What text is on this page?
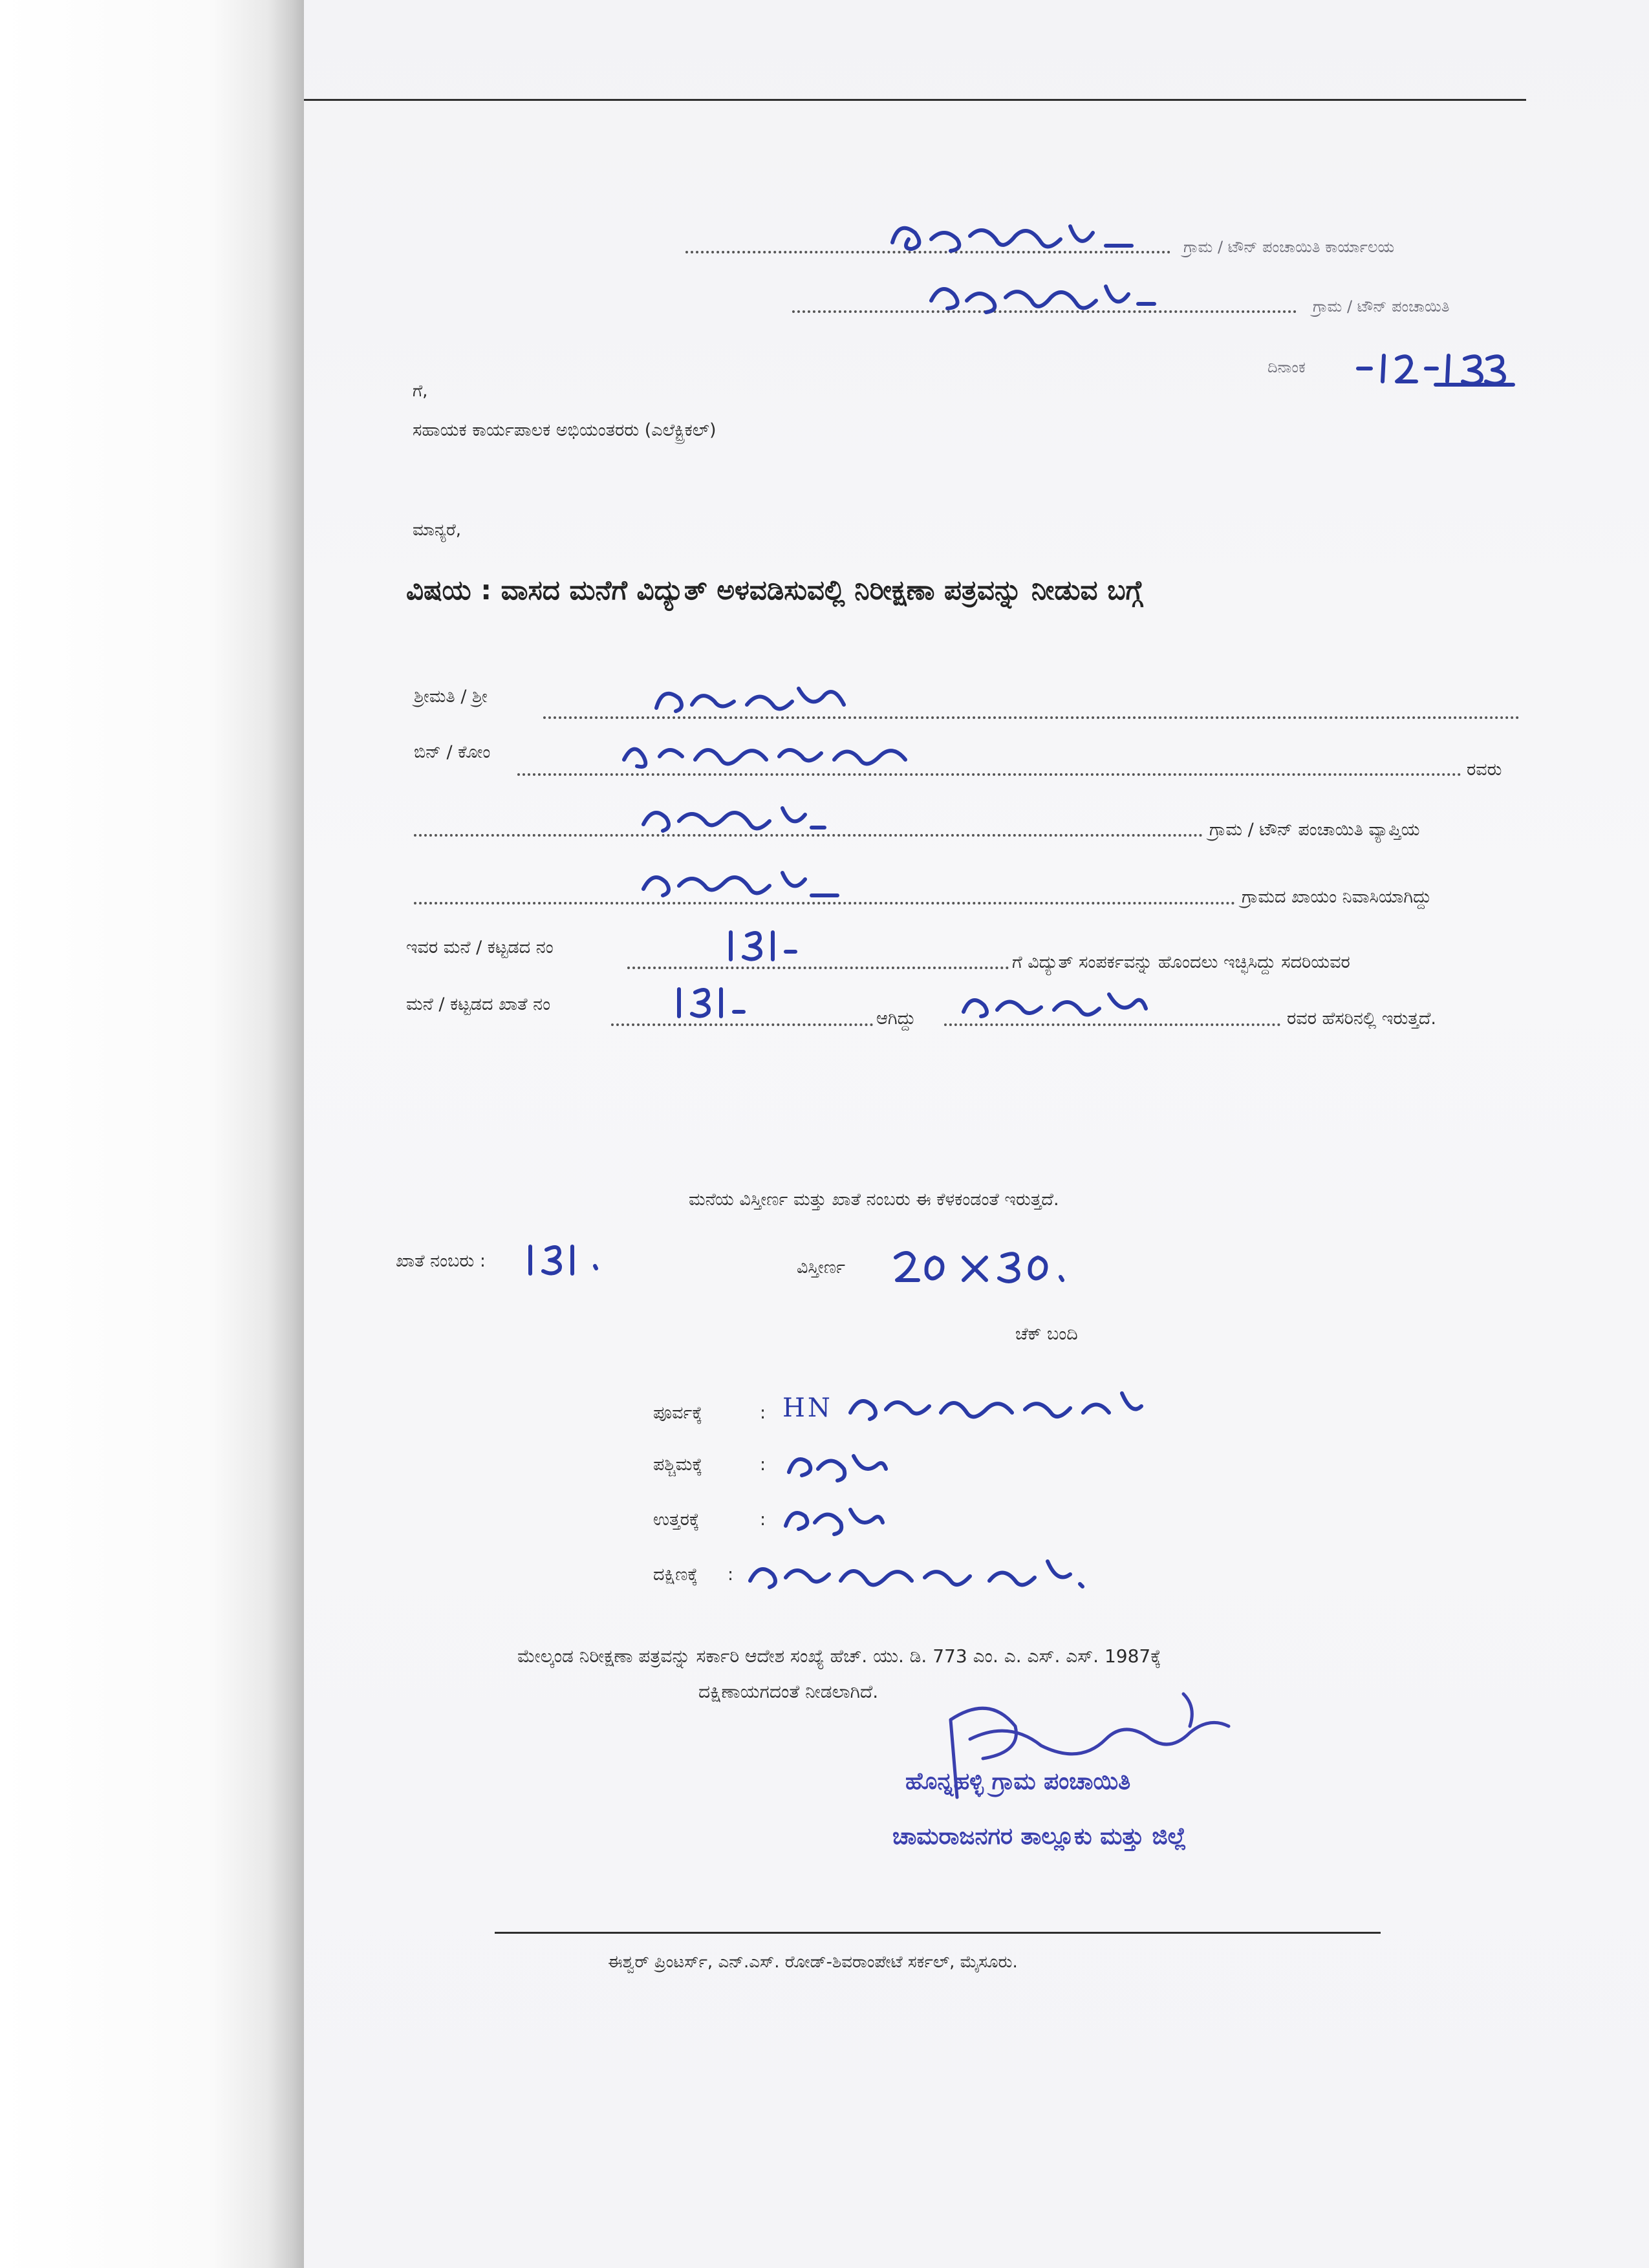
ಗ್ರಾಮ / ಟೌನ್ ಪಂಚಾಯಿತಿ ಕಾರ್ಯಾಲಯ
ಗ್ರಾಮ / ಟೌನ್ ಪಂಚಾಯಿತಿ
ದಿನಾಂಕ
ಗೆ,
ಸಹಾಯಕ ಕಾರ್ಯಪಾಲಕ ಅಭಿಯಂತರರು (ಎಲೆಕ್ಟ್ರಿಕಲ್)
ಮಾನ್ಯರೆ,
ವಿಷಯ : ವಾಸದ ಮನೆಗೆ ವಿದ್ಯುತ್ ಅಳವಡಿಸುವಲ್ಲಿ ನಿರೀಕ್ಷಣಾ ಪತ್ರವನ್ನು ನೀಡುವ ಬಗ್ಗೆ
ಶ್ರೀಮತಿ / ಶ್ರೀ
ಬಿನ್ / ಕೋಂ
ರವರು
ಗ್ರಾಮ / ಟೌನ್ ಪಂಚಾಯಿತಿ ವ್ಯಾಪ್ತಿಯ
ಗ್ರಾಮದ ಖಾಯಂ ನಿವಾಸಿಯಾಗಿದ್ದು
ಇವರ ಮನೆ / ಕಟ್ಟಡದ ನಂ
ಗೆ ವಿದ್ಯುತ್ ಸಂಪರ್ಕವನ್ನು ಹೊಂದಲು ಇಚ್ಛಿಸಿದ್ದು ಸದರಿಯವರ
ಮನೆ / ಕಟ್ಟಡದ ಖಾತೆ ನಂ
ಆಗಿದ್ದು	ರವರ ಹೆಸರಿನಲ್ಲಿ ಇರುತ್ತದೆ.
ಮನೆಯ ವಿಸ್ತೀರ್ಣ ಮತ್ತು ಖಾತೆ ನಂಬರು ಈ ಕೆಳಕಂಡಂತೆ ಇರುತ್ತದೆ.
ಖಾತೆ ನಂಬರು :	ವಿಸ್ತೀರ್ಣ
ಚೆಕ್ ಬಂದಿ
ಪೂರ್ವಕ್ಕೆ	: HN
ಪಶ್ಚಿಮಕ್ಕೆ	:
ಉತ್ತರಕ್ಕೆ	:
ದಕ್ಷಿಣಕ್ಕೆ :
ಮೇಲ್ಕಂಡ ನಿರೀಕ್ಷಣಾ ಪತ್ರವನ್ನು ಸರ್ಕಾರಿ ಆದೇಶ ಸಂಖ್ಯೆ ಹೆಚ್. ಯು. ಡಿ. 773 ಎಂ. ಎ. ಎಸ್. ಎಸ್. 1987ಕ್ಕೆ
ದಕ್ಷಿಣಾಯಗದಂತೆ ನೀಡಲಾಗಿದೆ.
ಹೊನ್ನಹಳ್ಳಿ ಗ್ರಾಮ ಪಂಚಾಯಿತಿ
ಚಾಮರಾಜನಗರ ತಾಲ್ಲೂಕು ಮತ್ತು ಜಿಲ್ಲೆ
ಈಶ್ವರ್ ಪ್ರಿಂಟರ್ಸ್, ಎನ್.ಎಸ್. ರೋಡ್-ಶಿವರಾಂಪೇಟೆ ಸರ್ಕಲ್, ಮೈಸೂರು.
